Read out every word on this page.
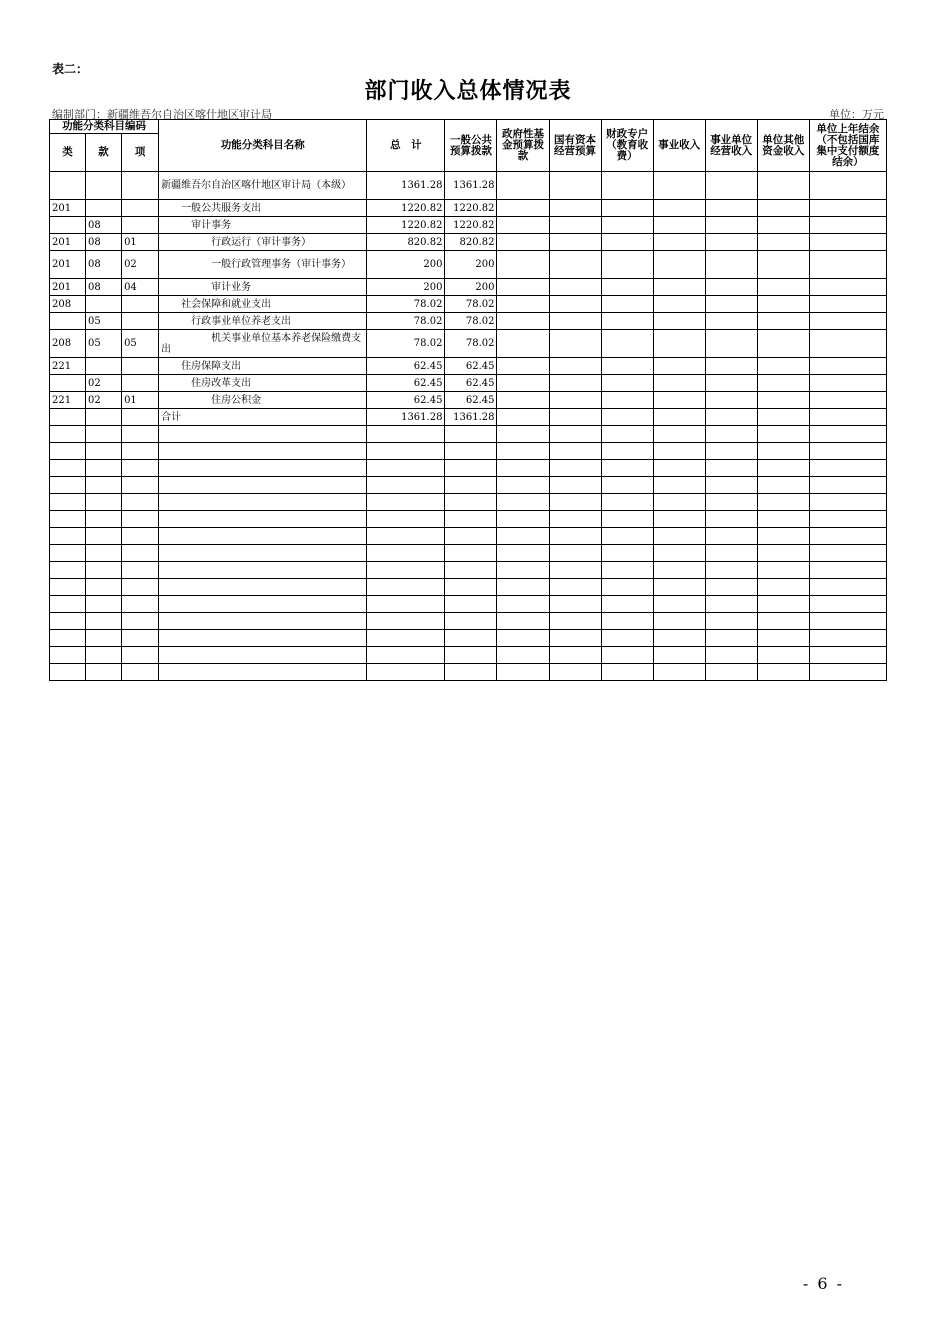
表二：
部门收入总体情况表
编制部门：新疆维吾尔自治区喀什地区审计局	单位：万元
功能分类科目编码			功能分类科目名称	总　计	一般公共预算拨款	政府性基金预算拨款	国有资本经营预算	财政专户（教育收费）	事业收入	事业单位经营收入	单位其他资金收入	单位上年结余（不包括国库集中支付额度结余）
类	款	项										
			新疆维吾尔自治区喀什地区审计局（本级）	1361.28	1361.28							
201			　　一般公共服务支出	1220.82	1220.82							
	08		　　　审计事务	1220.82	1220.82							
201	08	01	　　　　　行政运行（审计事务）	820.82	820.82							
201	08	02	　　　　　一般行政管理事务（审计事务）	200	200							
201	08	04	　　　　　审计业务	200	200							
208			　　社会保障和就业支出	78.02	78.02							
	05		　　　行政事业单位养老支出	78.02	78.02							
208	05	05	　　　　　机关事业单位基本养老保险缴费支出	78.02	78.02							
221			　　住房保障支出	62.45	62.45							
	02		　　　住房改革支出	62.45	62.45							
221	02	01	　　　　　住房公积金	62.45	62.45							
			合计	1361.28	1361.28							

- 6 -
